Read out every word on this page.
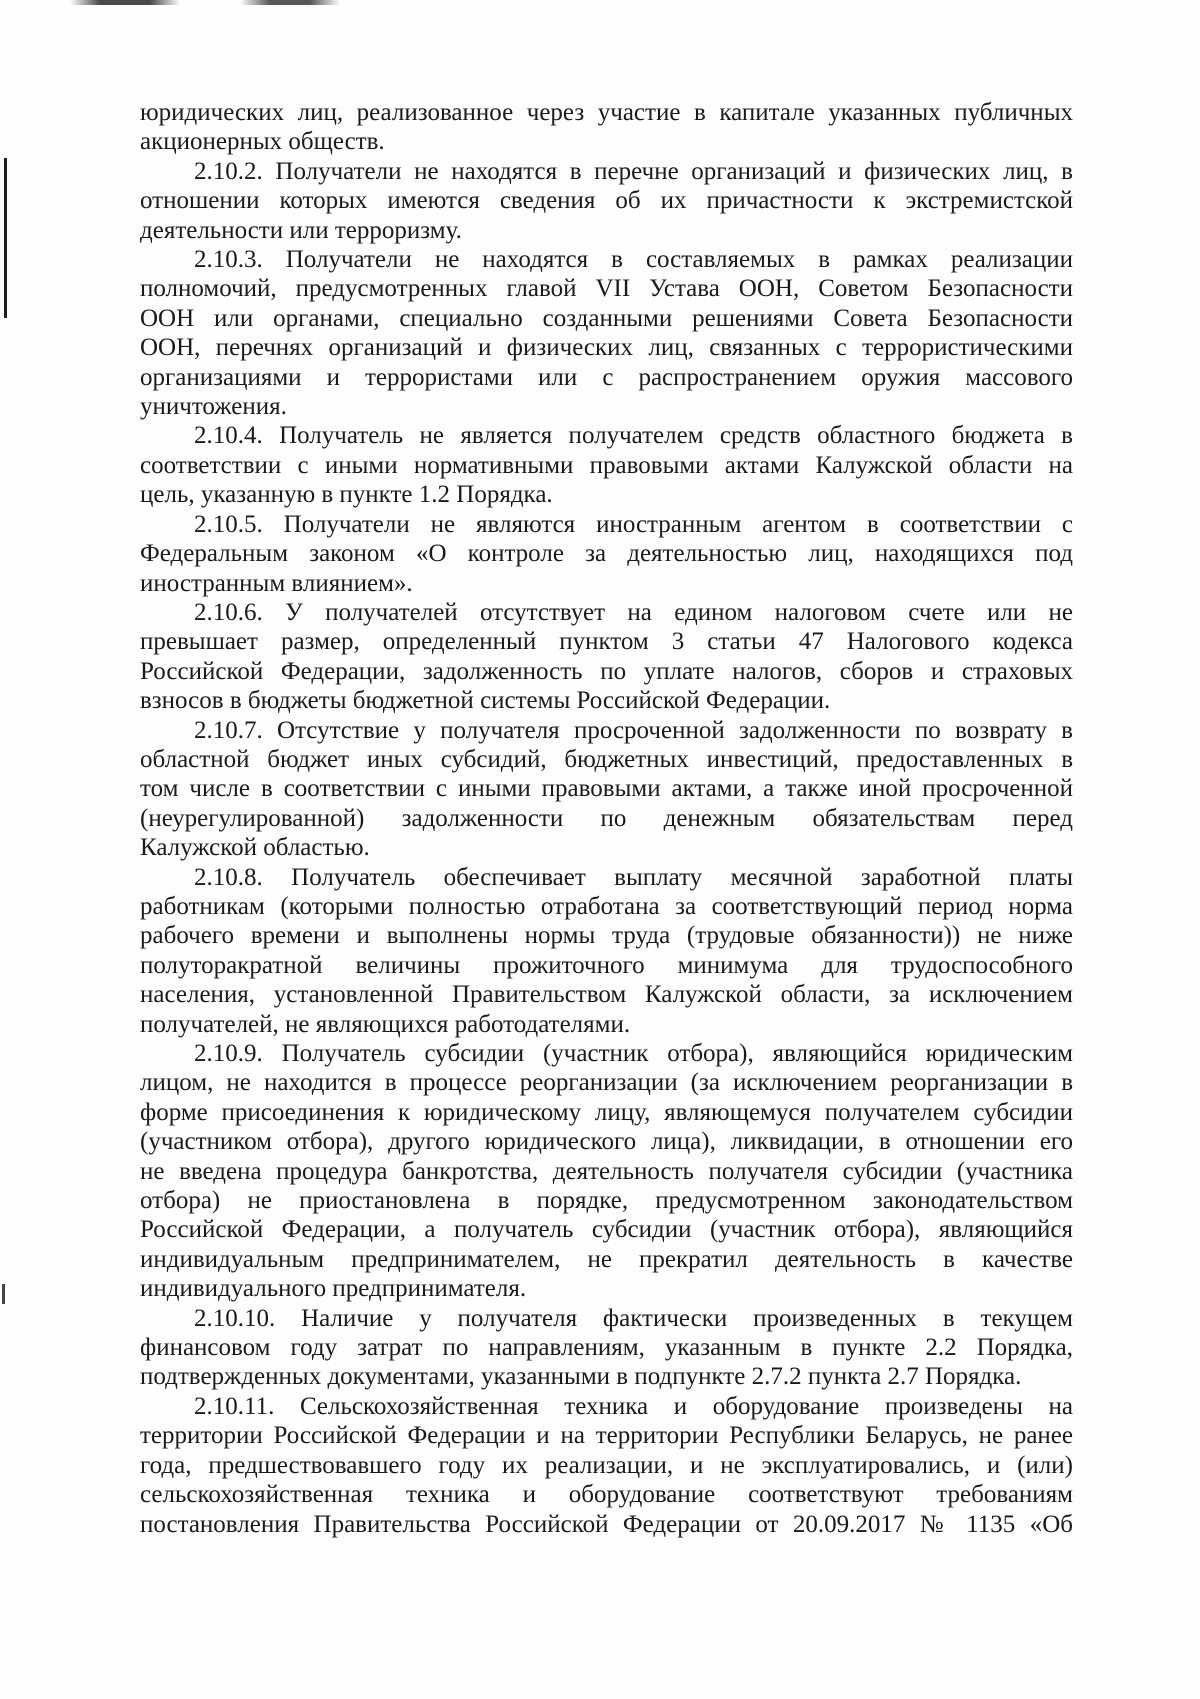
юридических лиц, реализованное через участие в капитале указанных публичных
акционерных обществ.
2.10.2. Получатели не находятся в перечне организаций и физических лиц, в
отношении которых имеются сведения об их причастности к экстремистской
деятельности или терроризму.
2.10.3. Получатели не находятся в составляемых в рамках реализации
полномочий, предусмотренных главой VII Устава ООН, Советом Безопасности
ООН или органами, специально созданными решениями Совета Безопасности
ООН, перечнях организаций и физических лиц, связанных с террористическими
организациями и террористами или с распространением оружия массового
уничтожения.
2.10.4. Получатель не является получателем средств областного бюджета в
соответствии с иными нормативными правовыми актами Калужской области на
цель, указанную в пункте 1.2 Порядка.
2.10.5. Получатели не являются иностранным агентом в соответствии с
Федеральным законом «О контроле за деятельностью лиц, находящихся под
иностранным влиянием».
2.10.6. У получателей отсутствует на едином налоговом счете или не
превышает размер, определенный пунктом 3 статьи 47 Налогового кодекса
Российской Федерации, задолженность по уплате налогов, сборов и страховых
взносов в бюджеты бюджетной системы Российской Федерации.
2.10.7. Отсутствие у получателя просроченной задолженности по возврату в
областной бюджет иных субсидий, бюджетных инвестиций, предоставленных в
том числе в соответствии с иными правовыми актами, а также иной просроченной
(неурегулированной) задолженности по денежным обязательствам перед
Калужской областью.
2.10.8. Получатель обеспечивает выплату месячной заработной платы
работникам (которыми полностью отработана за соответствующий период норма
рабочего времени и выполнены нормы труда (трудовые обязанности)) не ниже
полуторакратной величины прожиточного минимума для трудоспособного
населения, установленной Правительством Калужской области, за исключением
получателей, не являющихся работодателями.
2.10.9. Получатель субсидии (участник отбора), являющийся юридическим
лицом, не находится в процессе реорганизации (за исключением реорганизации в
форме присоединения к юридическому лицу, являющемуся получателем субсидии
(участником отбора), другого юридического лица), ликвидации, в отношении его
не введена процедура банкротства, деятельность получателя субсидии (участника
отбора) не приостановлена в порядке, предусмотренном законодательством
Российской Федерации, а получатель субсидии (участник отбора), являющийся
индивидуальным предпринимателем, не прекратил деятельность в качестве
индивидуального предпринимателя.
2.10.10. Наличие у получателя фактически произведенных в текущем
финансовом году затрат по направлениям, указанным в пункте 2.2 Порядка,
подтвержденных документами, указанными в подпункте 2.7.2 пункта 2.7 Порядка.
2.10.11. Сельскохозяйственная техника и оборудование произведены на
территории Российской Федерации и на территории Республики Беларусь, не ранее
года, предшествовавшего году их реализации, и не эксплуатировались, и (или)
сельскохозяйственная техника и оборудование соответствуют требованиям
постановления Правительства Российской Федерации от 20.09.2017 № 1135 «Об
